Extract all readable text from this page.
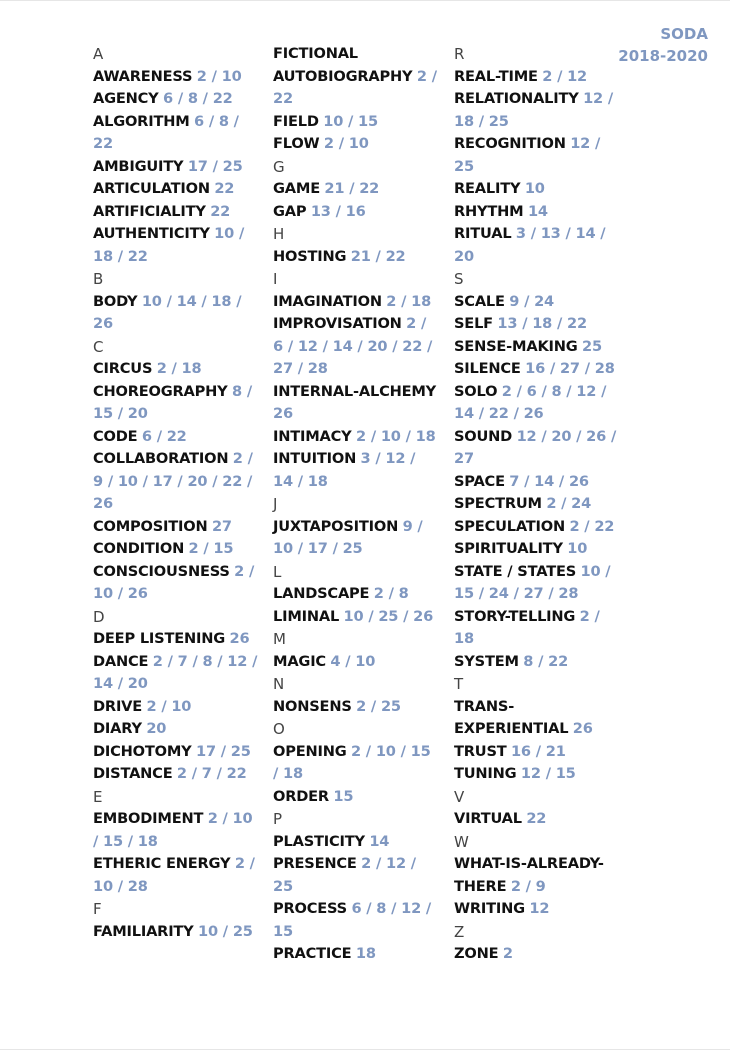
SODA
2018-2020
A
AWARENESS 2 / 10
AGENCY 6 / 8 / 22
ALGORITHM 6 / 8 / 22
AMBIGUITY 17 / 25
ARTICULATION 22
ARTIFICIALITY 22
AUTHENTICITY 10 / 18 / 22
B
BODY 10 / 14 / 18 / 26
C
CIRCUS 2 / 18
CHOREOGRAPHY 8 / 15 / 20
CODE 6 / 22
COLLABORATION 2 / 9 / 10 / 17 / 20 / 22 / 26
COMPOSITION 27
CONDITION 2 / 15
CONSCIOUSNESS 2 / 10 / 26
D
DEEP LISTENING 26
DANCE 2 / 7 / 8 / 12 / 14 / 20
DRIVE 2 / 10
DIARY 20
DICHOTOMY 17 / 25
DISTANCE 2 / 7 / 22
E
EMBODIMENT 2 / 10 / 15 / 18
ETHERIC ENERGY 2 / 10 / 28
F
FAMILIARITY 10 / 25
FICTIONAL AUTOBIOGRAPHY 2 / 22
FIELD 10 / 15
FLOW 2 / 10
G
GAME 21 / 22
GAP 13 / 16
H
HOSTING 21 / 22
I
IMAGINATION 2 / 18
IMPROVISATION 2 / 6 / 12 / 14 / 20 / 22 / 27 / 28
INTERNAL-ALCHEMY 26
INTIMACY 2 / 10 / 18
INTUITION 3 / 12 / 14 / 18
J
JUXTAPOSITION 9 / 10 / 17 / 25
L
LANDSCAPE 2 / 8
LIMINAL 10 / 25 / 26
M
MAGIC 4 / 10
N
NONSENS 2 / 25
O
OPENING 2 / 10 / 15 / 18
ORDER 15
P
PLASTICITY 14
PRESENCE 2 / 12 / 25
PROCESS 6 / 8 / 12 / 15
PRACTICE 18
R
REAL-TIME 2 / 12
RELATIONALITY 12 / 18 / 25
RECOGNITION 12 / 25
REALITY 10
RHYTHM 14
RITUAL 3 / 13 / 14 / 20
S
SCALE 9 / 24
SELF 13 / 18 / 22
SENSE-MAKING 25
SILENCE 16 / 27 / 28
SOLO 2 / 6 / 8 / 12 / 14 / 22 / 26
SOUND 12 / 20 / 26 / 27
SPACE 7 / 14 / 26
SPECTRUM 2 / 24
SPECULATION 2 / 22
SPIRITUALITY 10
STATE / STATES 10 / 15 / 24 / 27 / 28
STORY-TELLING 2 / 18
SYSTEM 8 / 22
T
TRANS-EXPERIENTIAL 26
TRUST 16 / 21
TUNING 12 / 15
V
VIRTUAL 22
W
WHAT-IS-ALREADY-THERE 2 / 9
WRITING 12
Z
ZONE 2
